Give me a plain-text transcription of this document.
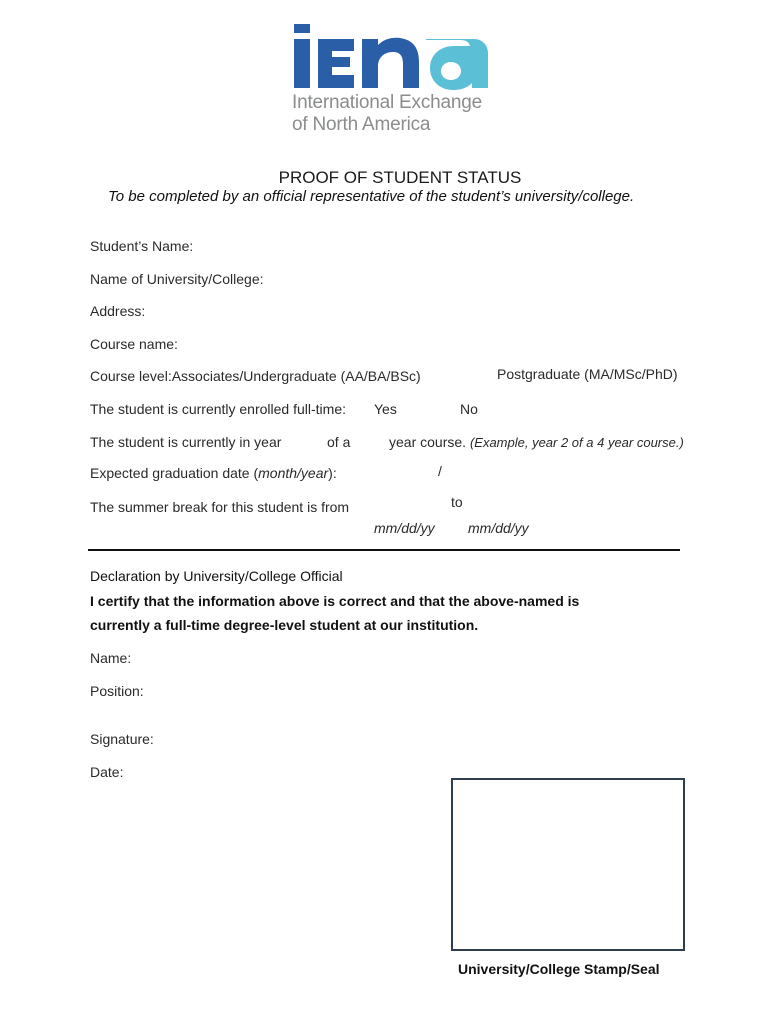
International Exchange
of North America
PROOF OF STUDENT STATUS
To be completed by an official representative of the student’s university/college.
Student’s Name:
Name of University/College:
Address:
Course name:
Course level:Associates/Undergraduate (AA/BA/BSc)	Postgraduate (MA/MSc/PhD)
The student is currently enrolled full-time: Yes	No
The student is currently in year	of a	year course. (Example, year 2 of a 4 year course.)
Expected graduation date (month/year):	/
The summer break for this student is from	to
mm/dd/yy mm/dd/yy
Declaration by University/College Official
I certify that the information above is correct and that the above-named is
currently a full-time degree-level student at our institution.
Name:
Position:
Signature:
Date:
University/College Stamp/Seal
